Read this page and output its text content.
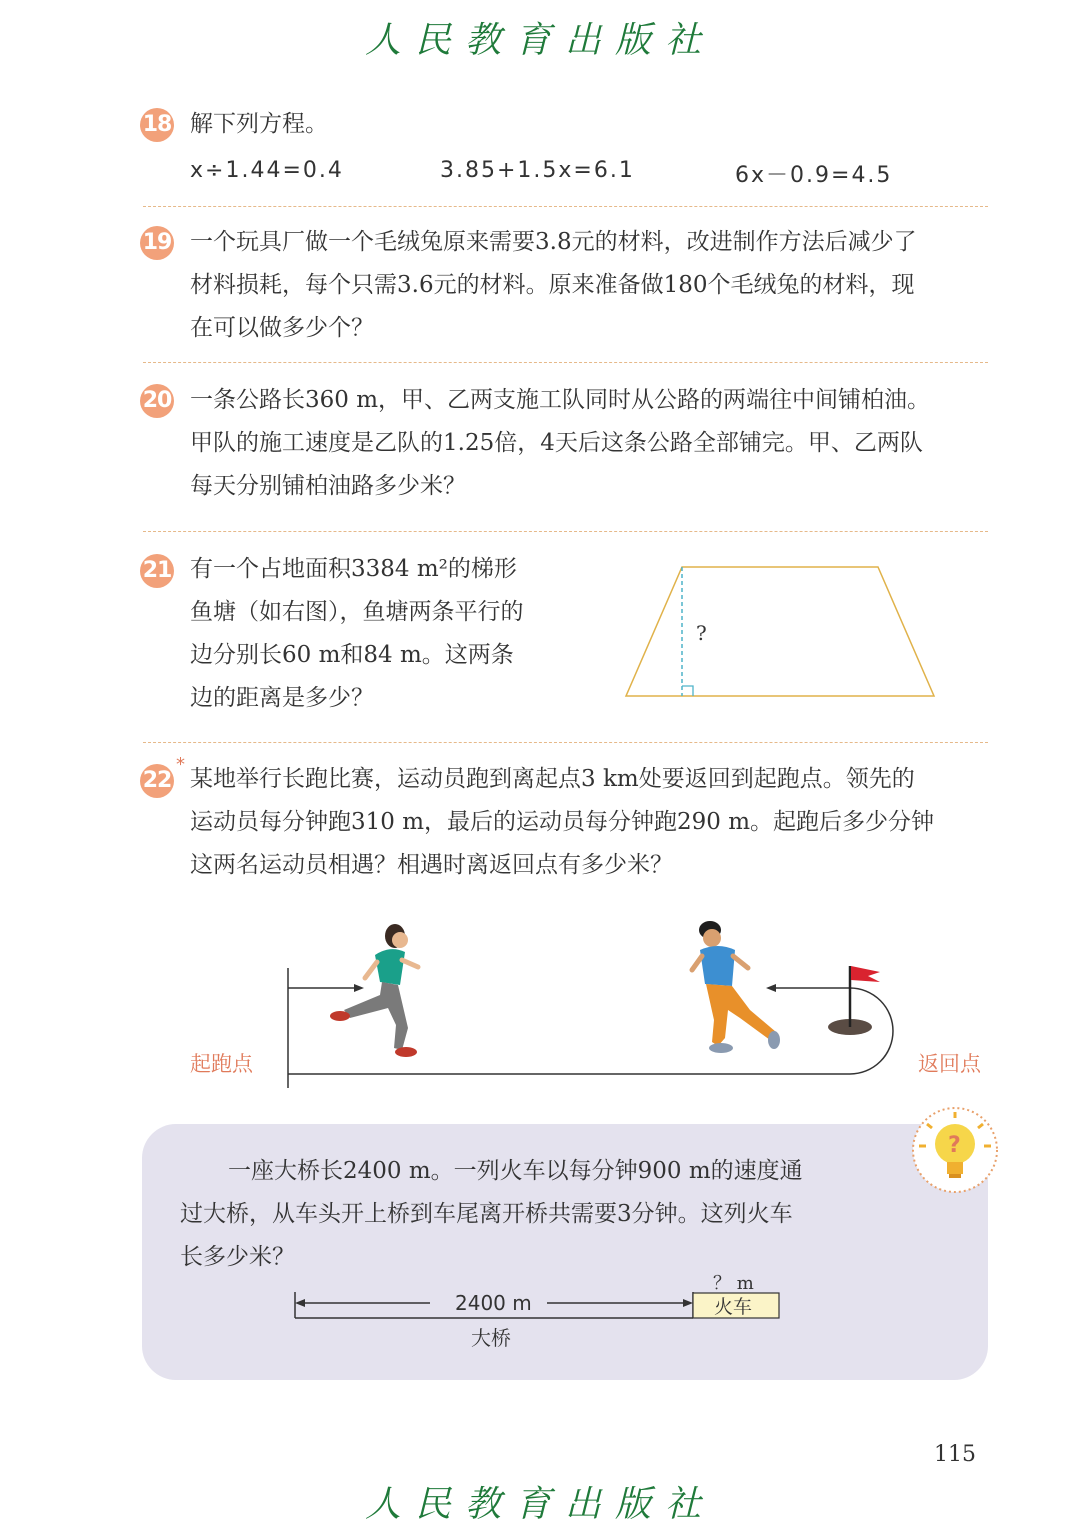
人民教育出版社
18 解下列方程。
x÷1.44=0.4	3.85+1.5x=6.1	6x－0.9=4.5
19 一个玩具厂做一个毛绒兔原来需要3.8元的材料，改进制作方法后减少了
材料损耗，每个只需3.6元的材料。原来准备做180个毛绒兔的材料，现
在可以做多少个？
20 一条公路长360 m，甲、乙两支施工队同时从公路的两端往中间铺柏油。
甲队的施工速度是乙队的1.25倍，4天后这条公路全部铺完。甲、乙两队
每天分别铺柏油路多少米？
21 有一个占地面积3384 m²的梯形
鱼塘（如右图），鱼塘两条平行的
边分别长60 m和84 m。这两条
边的距离是多少？
?
22
*
某地举行长跑比赛，运动员跑到离起点3 km处要返回到起跑点。领先的
运动员每分钟跑310 m，最后的运动员每分钟跑290 m。起跑后多少分钟
这两名运动员相遇？相遇时离返回点有多少米？
起跑点	返回点
?
一座大桥长2400 m。一列火车以每分钟900 m的速度通
过大桥，从车头开上桥到车尾离开桥共需要3分钟。这列火车
长多少米？
2400 m	火车
？ m
大桥
115
人民教育出版社
